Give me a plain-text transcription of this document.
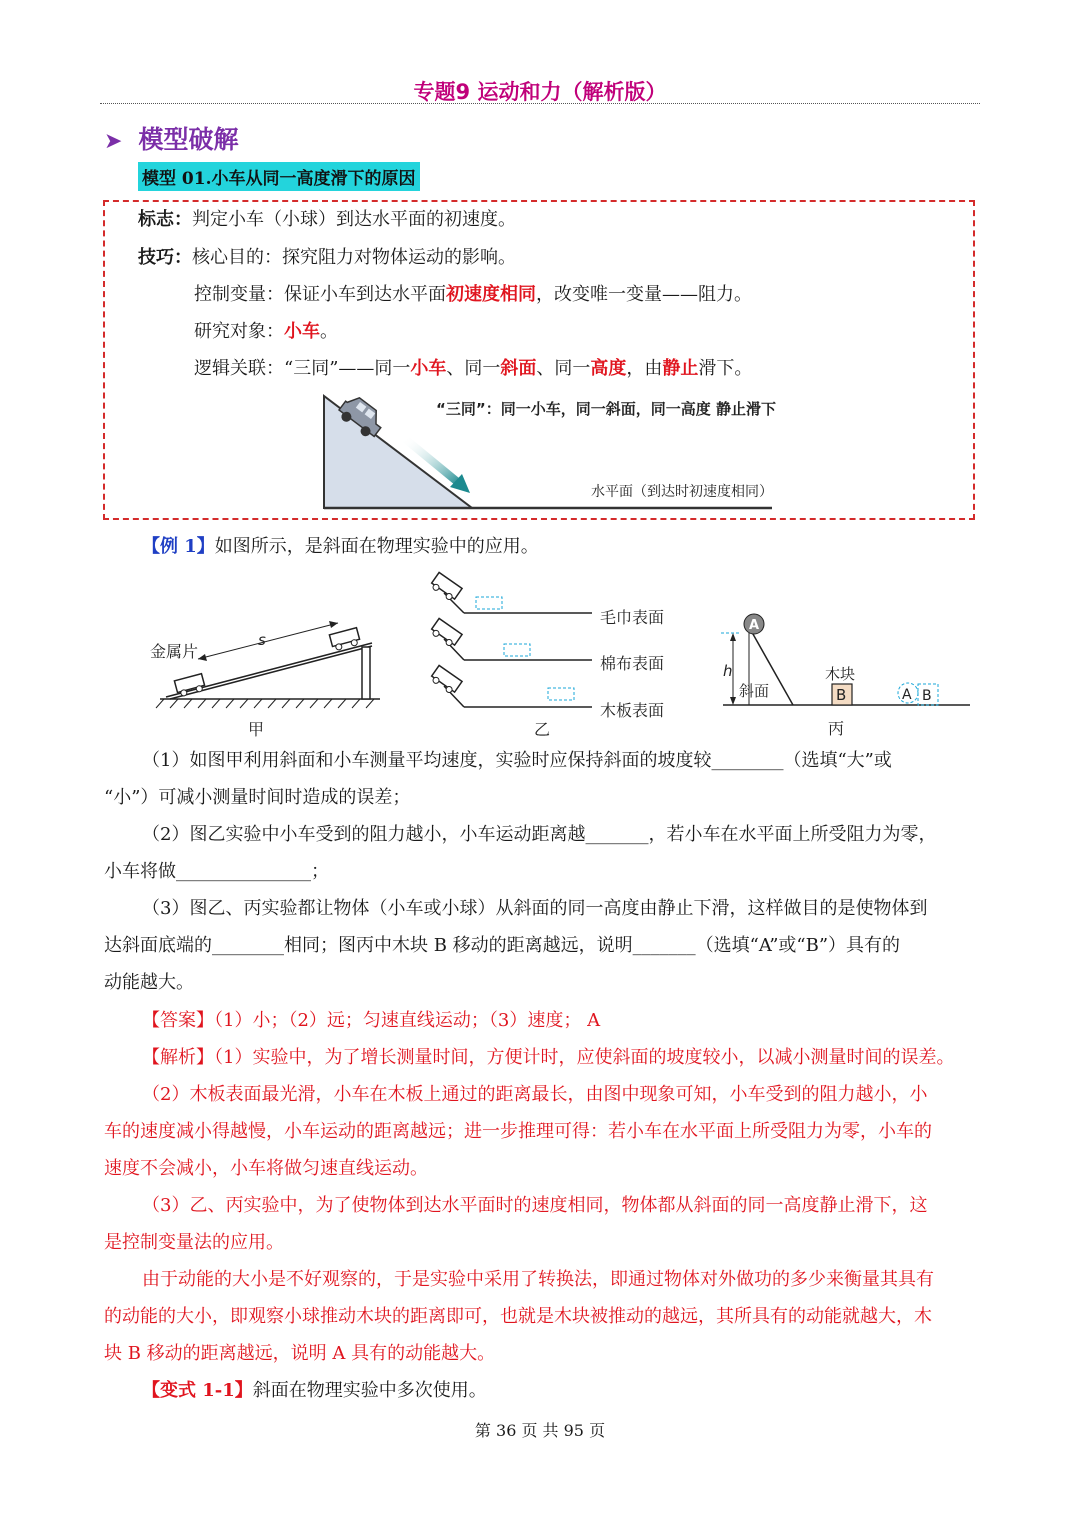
专题9 运动和力（解析版）
➤ 模型破解
模型 01.小车从同一高度滑下的原因
标志：判定小车（小球）到达水平面的初速度。
技巧：核心目的：探究阻力对物体运动的影响。
控制变量：保证小车到达水平面初速度相同，改变唯一变量——阻力。
研究对象：小车。
逻辑关联：“三同”——同一小车、同一斜面、同一高度，由静止滑下。
“三同”：同一小车，同一斜面，同一高度 静止滑下
水平面（到达时初速度相同）
【例 1】如图所示，是斜面在物理实验中的应用。
s
金属片
甲
毛巾表面
棉布表面
木板表面
乙
A
h
斜面
木块
B	A B
丙
（1）如图甲利用斜面和小车测量平均速度，实验时应保持斜面的坡度较________（选填“大”或
“小”）可减小测量时间时造成的误差；
（2）图乙实验中小车受到的阻力越小，小车运动距离越_______，若小车在水平面上所受阻力为零，
小车将做_______________；
（3）图乙、丙实验都让物体（小车或小球）从斜面的同一高度由静止下滑，这样做目的是使物体到
达斜面底端的________相同；图丙中木块 B 移动的距离越远，说明_______（选填“A”或“B”）具有的
动能越大。
【答案】（1）小；（2）远；匀速直线运动；（3）速度； A
【解析】（1）实验中，为了增长测量时间，方便计时，应使斜面的坡度较小，以减小测量时间的误差。
（2）木板表面最光滑，小车在木板上通过的距离最长，由图中现象可知，小车受到的阻力越小，小
车的速度减小得越慢，小车运动的距离越远；进一步推理可得：若小车在水平面上所受阻力为零，小车的
速度不会减小，小车将做匀速直线运动。
（3）乙、丙实验中，为了使物体到达水平面时的速度相同，物体都从斜面的同一高度静止滑下，这
是控制变量法的应用。
由于动能的大小是不好观察的，于是实验中采用了转换法，即通过物体对外做功的多少来衡量其具有
的动能的大小，即观察小球推动木块的距离即可，也就是木块被推动的越远，其所具有的动能就越大，木
块 B 移动的距离越远，说明 A 具有的动能越大。
【变式 1-1】斜面在物理实验中多次使用。
第 36 页 共 95 页
